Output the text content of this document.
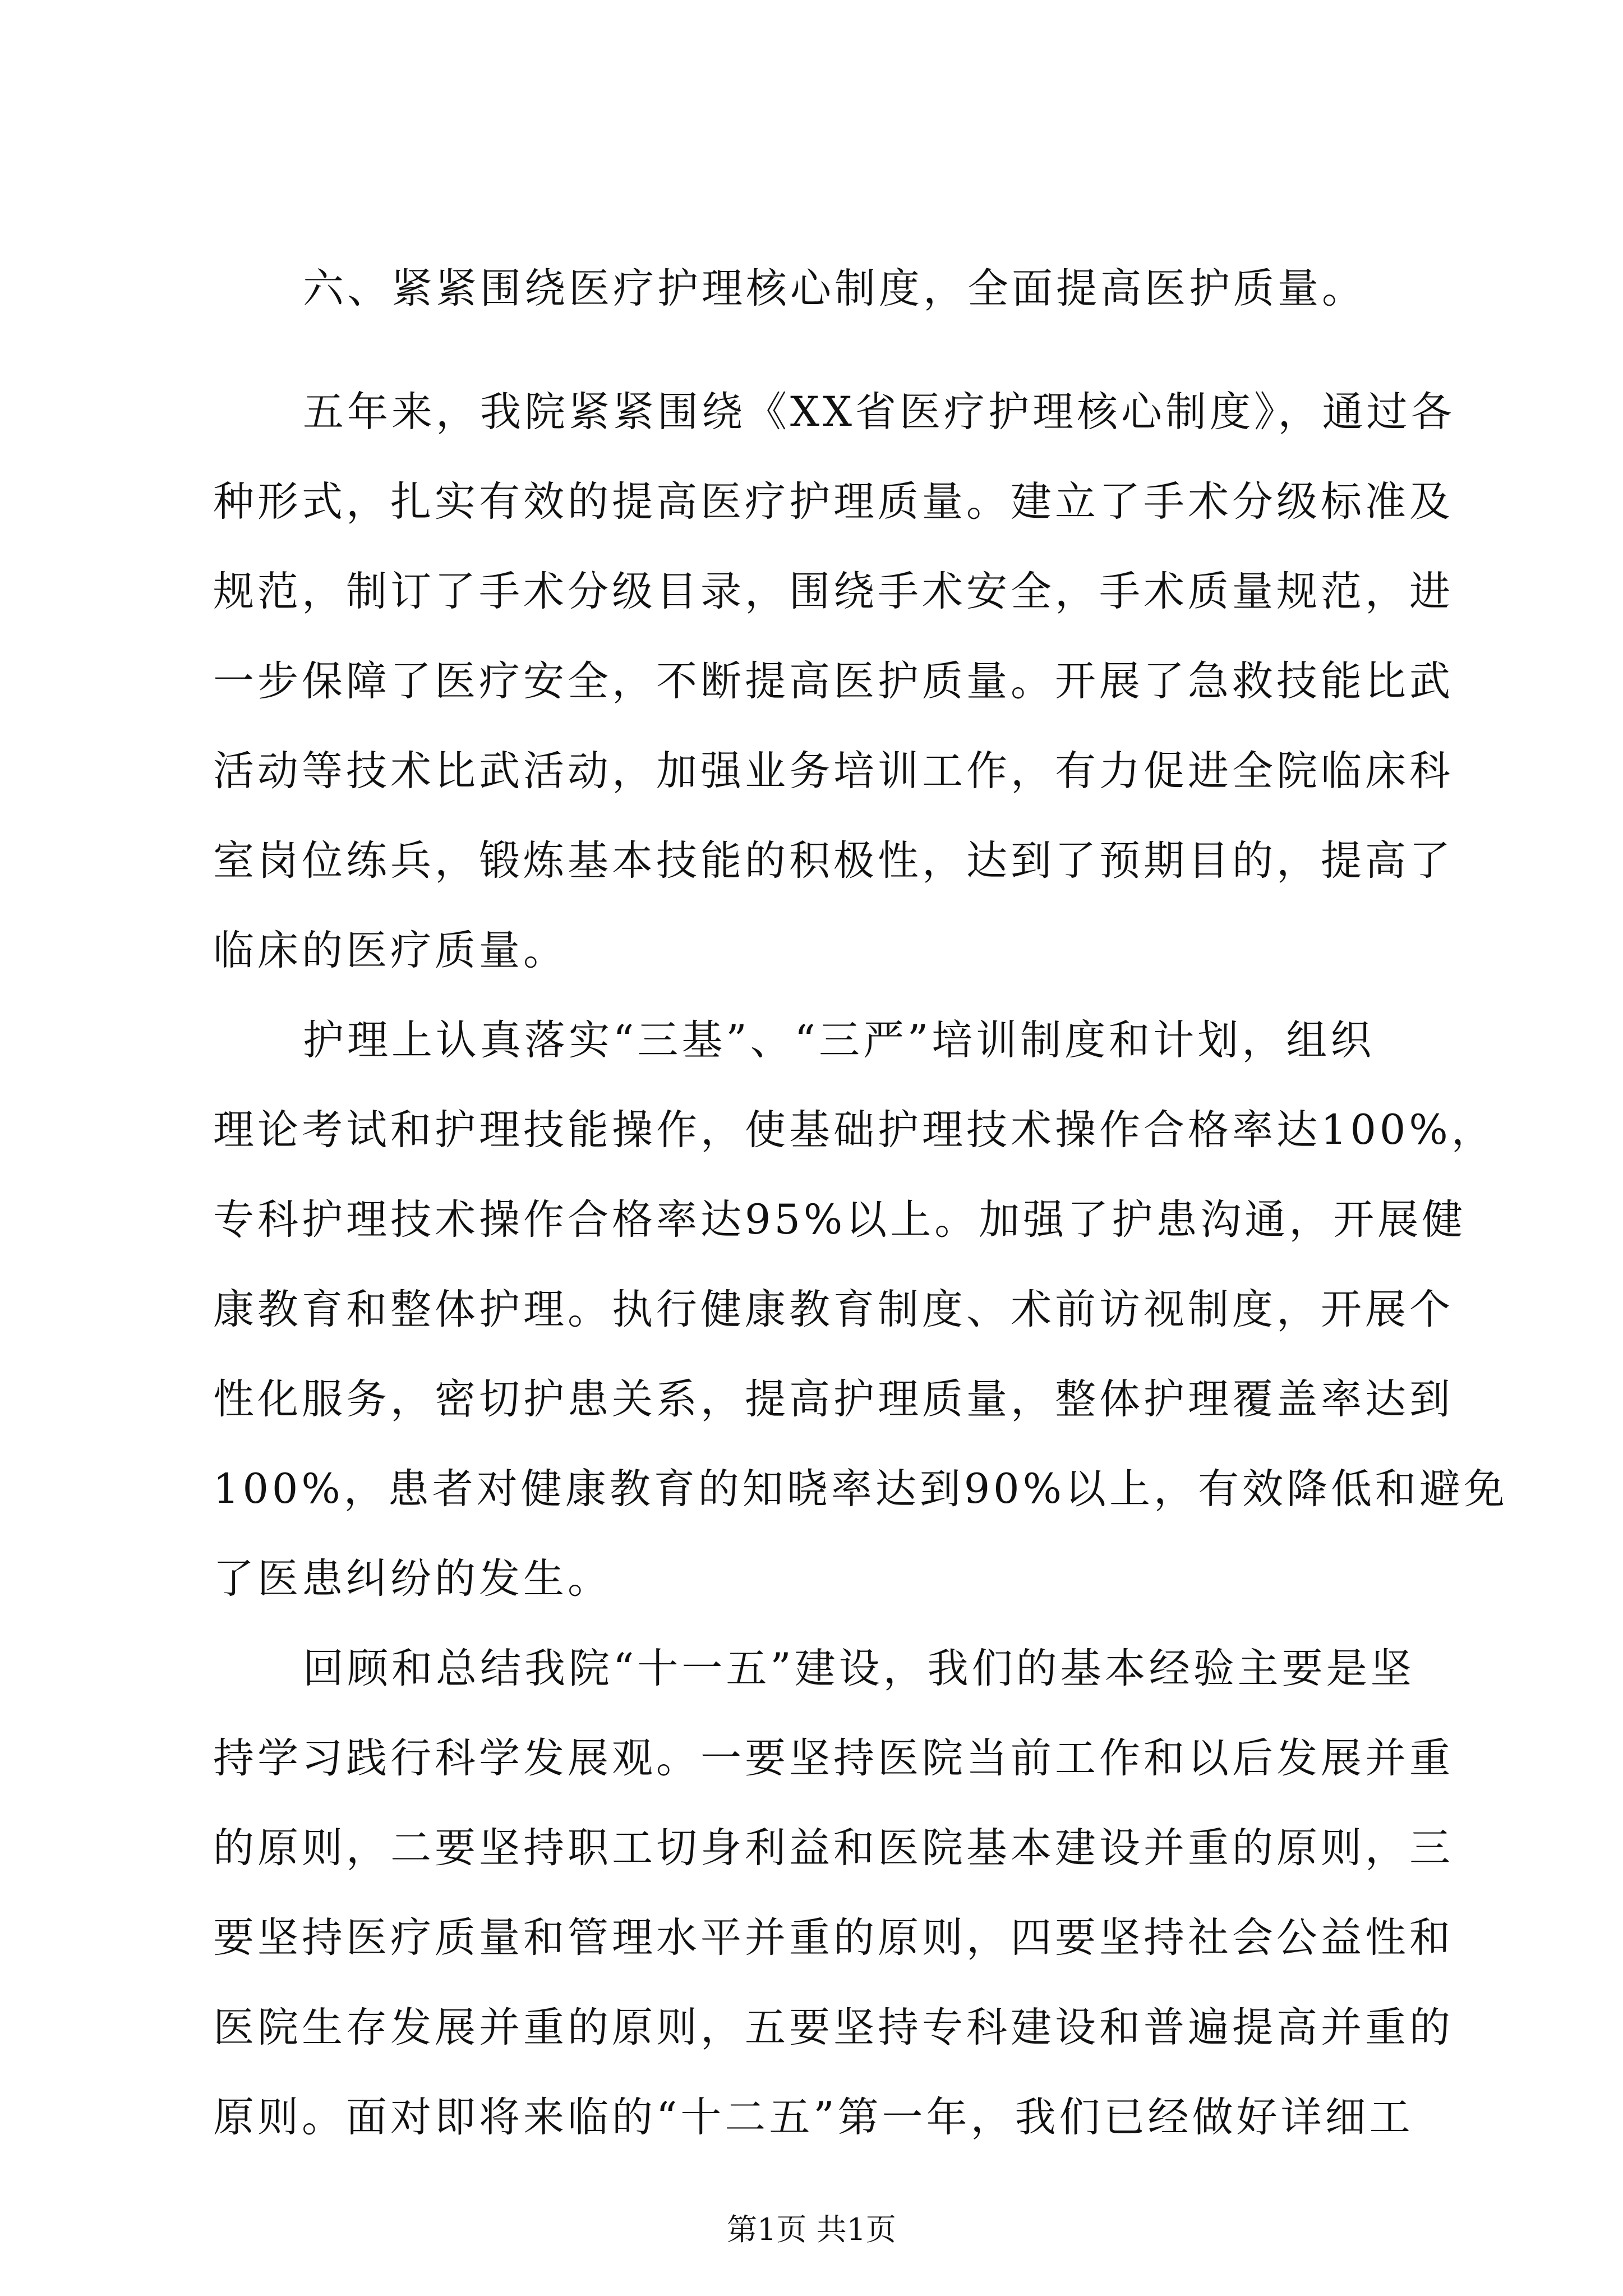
六、紧紧围绕医疗护理核心制度，全面提高医护质量。
五年来，我院紧紧围绕《XX省医疗护理核心制度》，通过各
种形式，扎实有效的提高医疗护理质量。建立了手术分级标准及
规范，制订了手术分级目录，围绕手术安全，手术质量规范，进
一步保障了医疗安全，不断提高医护质量。开展了急救技能比武
活动等技术比武活动，加强业务培训工作，有力促进全院临床科
室岗位练兵，锻炼基本技能的积极性，达到了预期目的，提高了
临床的医疗质量。
护理上认真落实“三基”、“三严”培训制度和计划，组织
理论考试和护理技能操作，使基础护理技术操作合格率达100%，
专科护理技术操作合格率达95%以上。加强了护患沟通，开展健
康教育和整体护理。执行健康教育制度、术前访视制度，开展个
性化服务，密切护患关系，提高护理质量，整体护理覆盖率达到
100%，患者对健康教育的知晓率达到90%以上，有效降低和避免
了医患纠纷的发生。
回顾和总结我院“十一五”建设，我们的基本经验主要是坚
持学习践行科学发展观。一要坚持医院当前工作和以后发展并重
的原则，二要坚持职工切身利益和医院基本建设并重的原则，三
要坚持医疗质量和管理水平并重的原则，四要坚持社会公益性和
医院生存发展并重的原则，五要坚持专科建设和普遍提高并重的
原则。面对即将来临的“十二五”第一年，我们已经做好详细工
第1页 共1页
